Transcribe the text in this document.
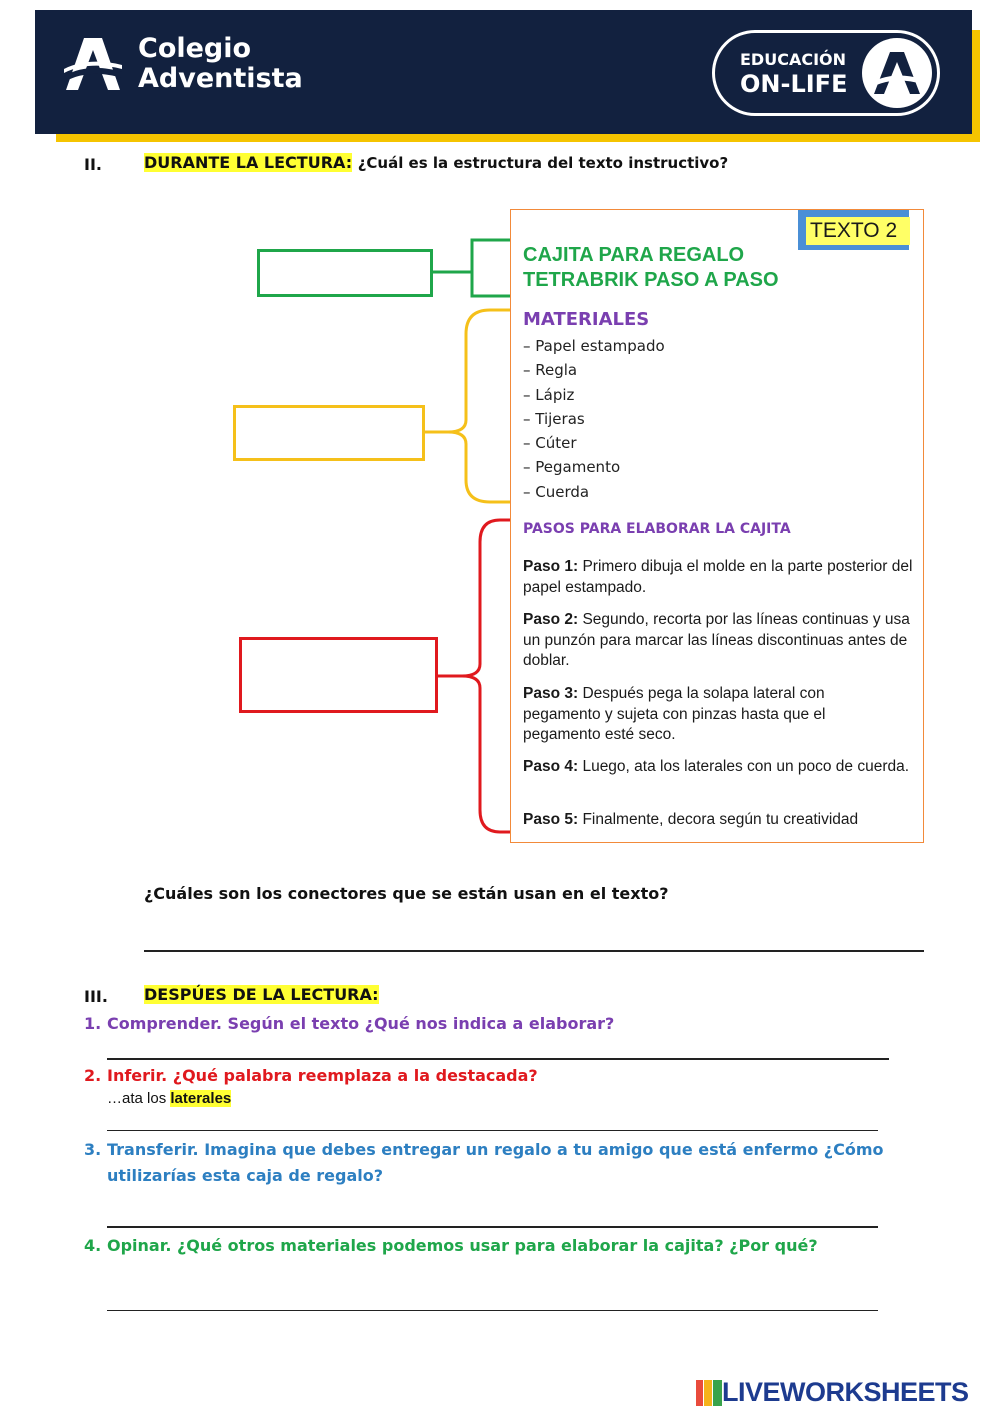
Colegio
Adventista
EDUCACIÓN
ON-LIFE
II.	DURANTE LA LECTURA: ¿Cuál es la estructura del texto instructivo?
TEXTO 2
CAJITA PARA REGALO
TETRABRIK PASO A PASO
MATERIALES
– Papel estampado
– Regla
– Lápiz
– Tijeras
– Cúter
– Pegamento
– Cuerda
PASOS PARA ELABORAR LA CAJITA
Paso 1: Primero dibuja el molde en la parte posterior del papel estampado.
Paso 2: Segundo, recorta por las líneas continuas y usa un punzón para marcar las líneas discontinuas antes de doblar.
Paso 3: Después pega la solapa lateral con pegamento y sujeta con pinzas hasta que el pegamento esté seco.
Paso 4: Luego, ata los laterales con un poco de cuerda.
Paso 5: Finalmente, decora según tu creatividad
¿Cuáles son los conectores que se están usan en el texto?
III. DESPÚES DE LA LECTURA:
1. Comprender. Según el texto ¿Qué nos indica a elaborar?
2. Inferir. ¿Qué palabra reemplaza a la destacada?
…ata los laterales
3. Transferir. Imagina que debes entregar un regalo a tu amigo que está enfermo ¿Cómo
utilizarías esta caja de regalo?
4. Opinar. ¿Qué otros materiales podemos usar para elaborar la cajita? ¿Por qué?
LIVEWORKSHEETS
